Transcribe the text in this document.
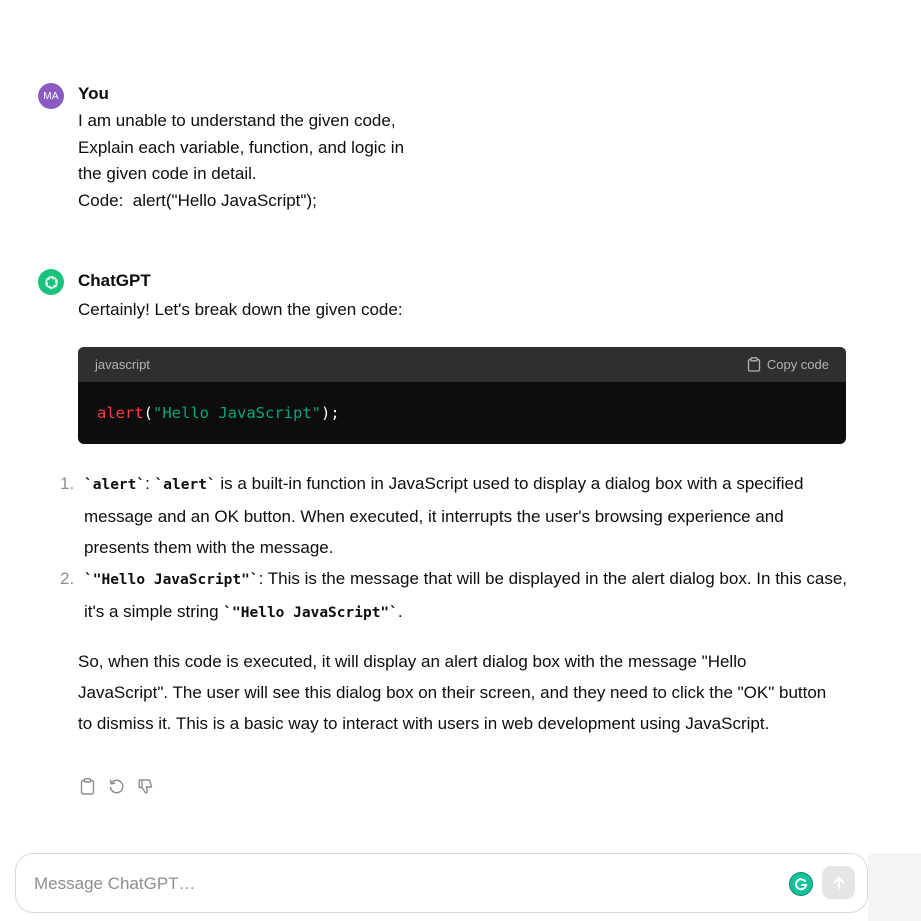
MA You
I am unable to understand the given code,
Explain each variable, function, and logic in
the given code in detail.
Code:  alert("Hello JavaScript");
ChatGPT
Certainly! Let's break down the given code:
javascript	Copy code
alert("Hello JavaScript");
1. `alert`: `alert` is a built-in function in JavaScript used to display a dialog box with a specified message and an OK button. When executed, it interrupts the user's browsing experience and presents them with the message.
2. `"Hello JavaScript"`: This is the message that will be displayed in the alert dialog box. In this case, it's a simple string `"Hello JavaScript"`.
So, when this code is executed, it will display an alert dialog box with the message "Hello JavaScript". The user will see this dialog box on their screen, and they need to click the "OK" button to dismiss it. This is a basic way to interact with users in web development using JavaScript.
Message ChatGPT…
